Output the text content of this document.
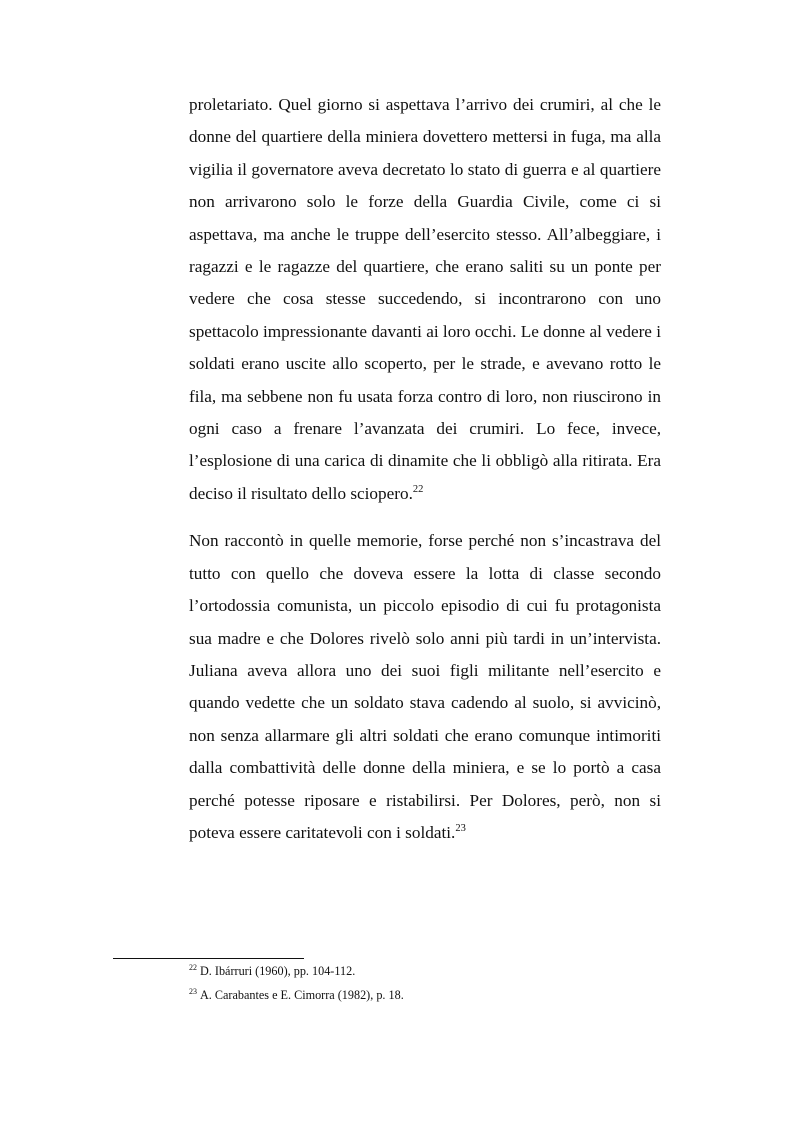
proletariato. Quel giorno si aspettava l’arrivo dei crumiri, al che le donne del quartiere della miniera dovettero mettersi in fuga, ma alla vigilia il governatore aveva decretato lo stato di guerra e al quartiere non arrivarono solo le forze della Guardia Civile, come ci si aspettava, ma anche le truppe dell’esercito stesso. All’albeggiare, i ragazzi e le ragazze del quartiere, che erano saliti su un ponte per vedere che cosa stesse succedendo, si incontrarono con uno spettacolo impressionante davanti ai loro occhi. Le donne al vedere i soldati erano uscite allo scoperto, per le strade, e avevano rotto le fila, ma sebbene non fu usata forza contro di loro, non riuscirono in ogni caso a frenare l’avanzata dei crumiri. Lo fece, invece, l’esplosione di una carica di dinamite che li obbligò alla ritirata. Era deciso il risultato dello sciopero.$^{22}$

Non raccontò in quelle memorie, forse perché non s’incastrava del tutto con quello che doveva essere la lotta di classe secondo l’ortodossia comunista, un piccolo episodio di cui fu protagonista sua madre e che Dolores rivelò solo anni più tardi in un’intervista. Juliana aveva allora uno dei suoi figli militante nell’esercito e quando vedette che un soldato stava cadendo al suolo, si avvicinò, non senza allarmare gli altri soldati che erano comunque intimoriti dalla combattività delle donne della miniera, e se lo portò a casa perché potesse riposare e ristabilirsi. Per Dolores, però, non si poteva essere caritatevoli con i soldati.$^{23}$

$^{22}$ D. Ibárruri (1960), pp. 104-112.

$^{23}$ A. Carabantes e E. Cimorra (1982), p. 18.
